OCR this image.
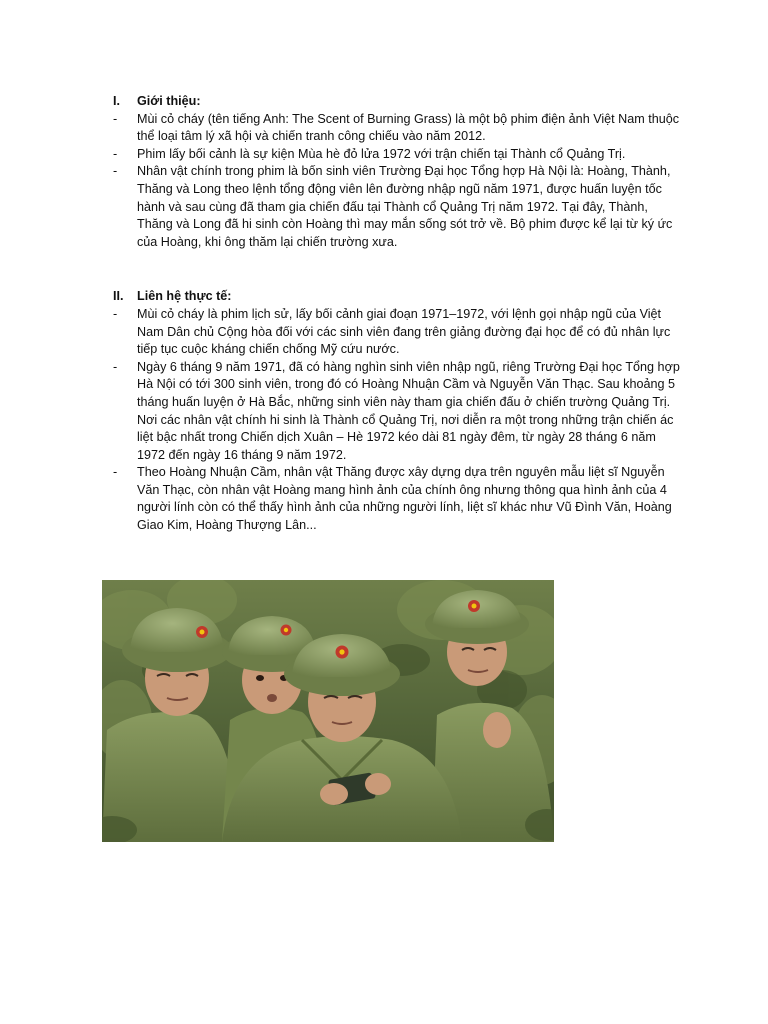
I.	Giới thiệu:
-	Mùi cỏ cháy (tên tiếng Anh: The Scent of Burning Grass) là một bộ phim điện ảnh Việt Nam thuộc thể loại tâm lý xã hội và chiến tranh công chiếu vào năm 2012.
-	Phim lấy bối cảnh là sự kiện Mùa hè đỏ lửa 1972 với trận chiến tại Thành cổ Quảng Trị.
-	Nhân vật chính trong phim là bốn sinh viên Trường Đại học Tổng hợp Hà Nội là: Hoàng, Thành, Thăng và Long theo lệnh tổng động viên lên đường nhập ngũ năm 1971, được huấn luyện tốc hành và sau cùng đã tham gia chiến đấu tại Thành cổ Quảng Trị năm 1972. Tại đây, Thành, Thăng và Long đã hi sinh còn Hoàng thì may mắn sống sót trở về. Bộ phim được kể lại từ ký ức của Hoàng, khi ông thăm lại chiến trường xưa.
II.	Liên hệ thực tế:
-	Mùi cỏ cháy là phim lịch sử, lấy bối cảnh giai đoạn 1971–1972, với lệnh gọi nhập ngũ của Việt Nam Dân chủ Cộng hòa đối với các sinh viên đang trên giảng đường đại học để có đủ nhân lực tiếp tục cuộc kháng chiến chống Mỹ cứu nước.
-	Ngày 6 tháng 9 năm 1971, đã có hàng nghìn sinh viên nhập ngũ, riêng Trường Đại học Tổng hợp Hà Nội có tới 300 sinh viên, trong đó có Hoàng Nhuận Cầm và Nguyễn Văn Thạc. Sau khoảng 5 tháng huấn luyện ở Hà Bắc, những sinh viên này tham gia chiến đấu ở chiến trường Quảng Trị. Nơi các nhân vật chính hi sinh là Thành cổ Quảng Trị, nơi diễn ra một trong những trận chiến ác liệt bậc nhất trong Chiến dịch Xuân – Hè 1972 kéo dài 81 ngày đêm, từ ngày 28 tháng 6 năm 1972 đến ngày 16 tháng 9 năm 1972.
-	Theo Hoàng Nhuận Cầm, nhân vật Thăng được xây dựng dựa trên nguyên mẫu liệt sĩ Nguyễn Văn Thạc, còn nhân vật Hoàng mang hình ảnh của chính ông nhưng thông qua hình ảnh của 4 người lính còn có thể thấy hình ảnh của những người lính, liệt sĩ khác như Vũ Đình Văn, Hoàng Giao Kim, Hoàng Thượng Lân...
